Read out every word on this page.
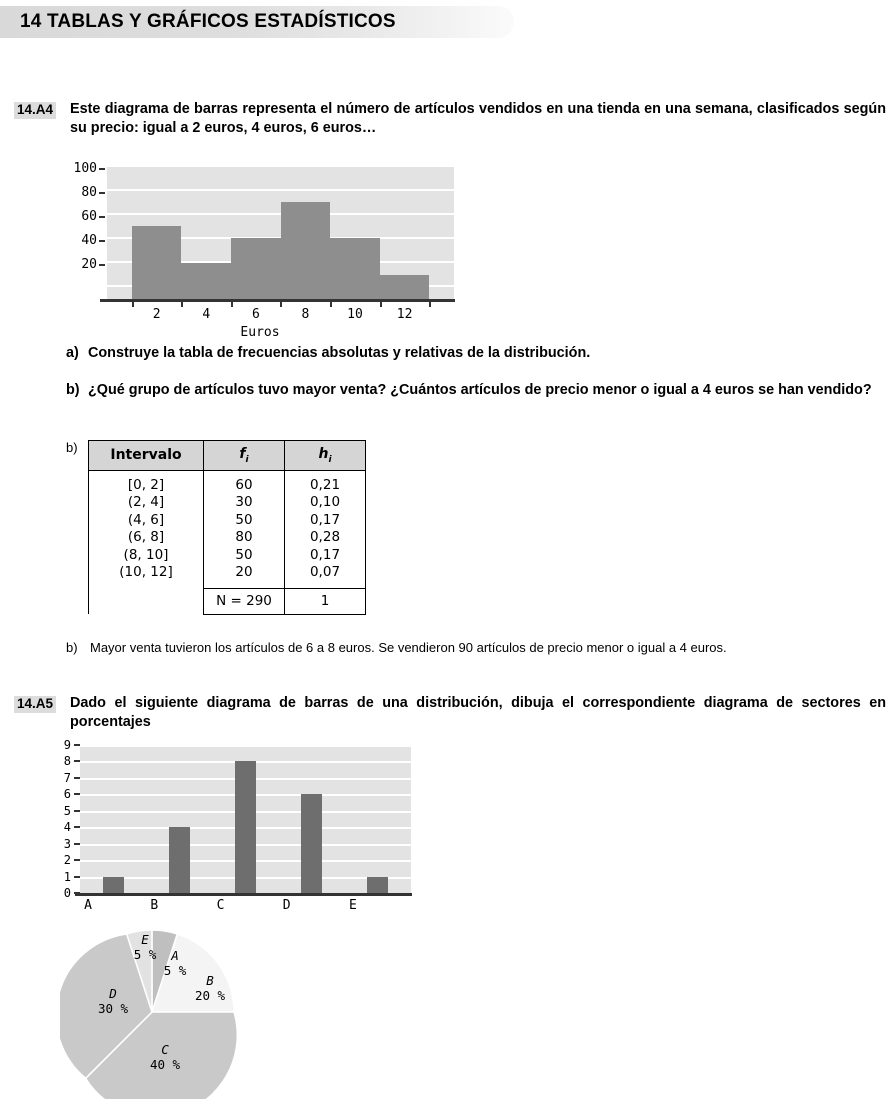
14 TABLAS Y GRÁFICOS ESTADÍSTICOS
14.A4 Este diagrama de barras representa el número de artículos vendidos en una tienda en una semana, clasificados según su precio: igual a 2 euros, 4 euros, 6 euros…
100
80
60
40
20
2	4	6	8	10	12
Euros
a) Construye la tabla de frecuencias absolutas y relativas de la distribución.
b) ¿Qué grupo de artículos tuvo mayor venta? ¿Cuántos artículos de precio menor o igual a 4 euros se han vendido?
b) Intervalo	$f_i$	$h_i$

[0, 2]	60	0,21
(2, 4]	30	0,10
(4, 6]	50	0,17
(6, 8]	80	0,28
(8, 10]	50	0,17
(10, 12]	20	0,07

	N = 290	1
b) Mayor venta tuvieron los artículos de 6 a 8 euros. Se vendieron 90 artículos de precio menor o igual a 4 euros.
14.A5 Dado el siguiente diagrama de barras de una distribución, dibuja el correspondiente diagrama de sectores en porcentajes
9
8
7
6
5
4
3
2
1
0
A	B	C	D	E
E
5 %	A
5 %
B
20 %
D
30 %
C
40 %
